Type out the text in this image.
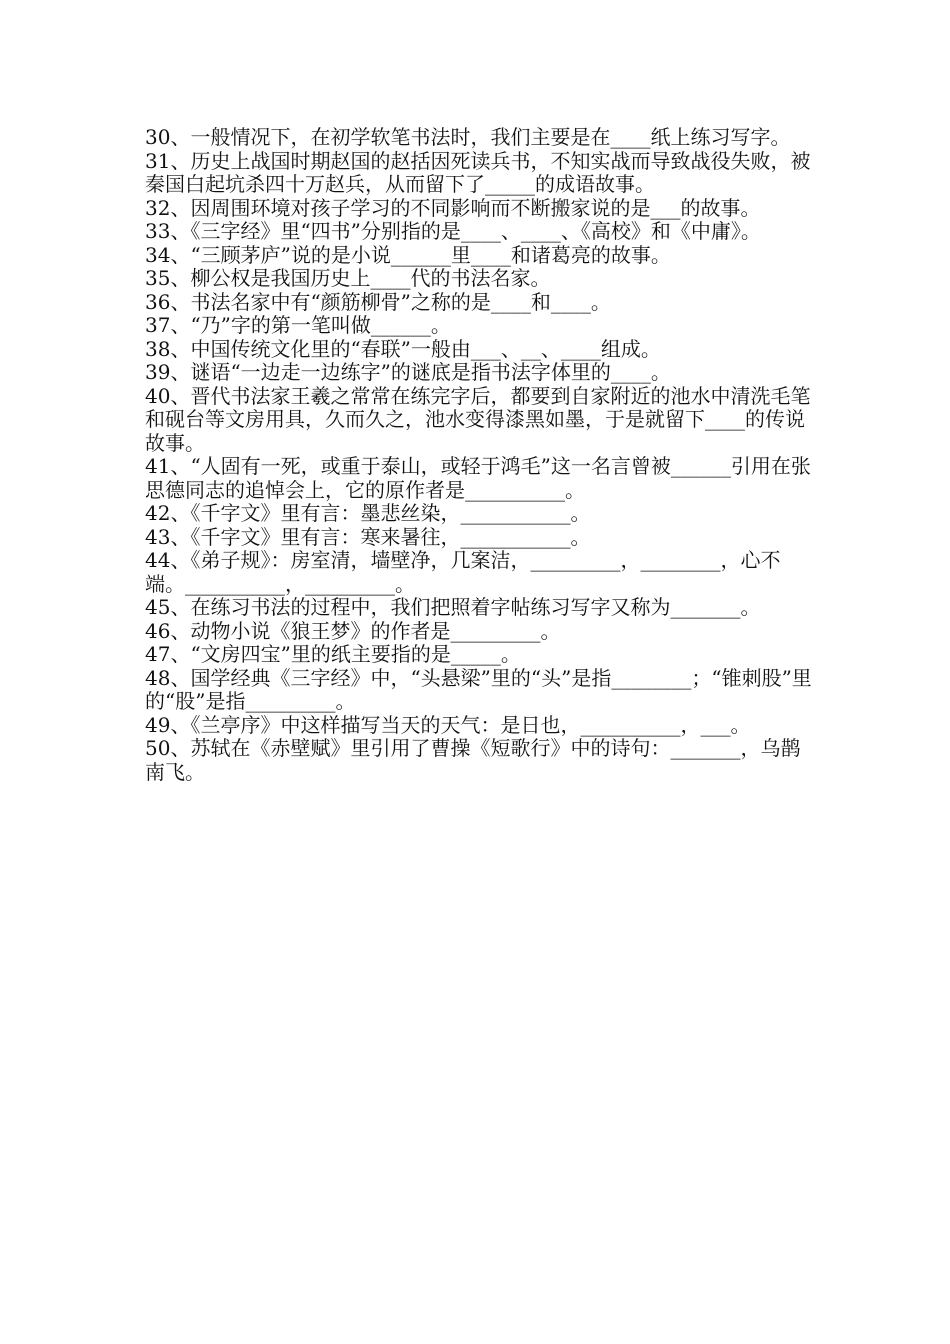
30、一般情况下，在初学软笔书法时，我们主要是在____纸上练习写字。

31、历史上战国时期赵国的赵括因死读兵书，不知实战而导致战役失败，被秦国白起坑杀四十万赵兵，从而留下了_____的成语故事。

32、因周围环境对孩子学习的不同影响而不断搬家说的是___的故事。

33、《三字经》里“四书”分别指的是____、____、《高校》和《中庸》。

34、“三顾茅庐”说的是小说______里____和诸葛亮的故事。

35、柳公权是我国历史上____代的书法名家。

36、书法名家中有“颜筋柳骨”之称的是____和____。

37、“乃”字的第一笔叫做______。

38、中国传统文化里的“春联”一般由___、__、____组成。

39、谜语“一边走一边练字”的谜底是指书法字体里的____。

40、晋代书法家王羲之常常在练完字后，都要到自家附近的池水中清洗毛笔和砚台等文房用具，久而久之，池水变得漆黑如墨，于是就留下____的传说故事。

41、“人固有一死，或重于泰山，或轻于鸿毛”这一名言曾被______引用在张思德同志的追悼会上，它的原作者是__________。

42、《千字文》里有言：墨悲丝染，___________。

43、《千字文》里有言：寒来暑往，___________。

44、《弟子规》：房室清，墙壁净，几案洁，_________，________，心不端。__________，_________。

45、在练习书法的过程中，我们把照着字帖练习写字又称为_______。

46、动物小说《狼王梦》的作者是_________。

47、“文房四宝”里的纸主要指的是_____。

48、国学经典《三字经》中，“头悬梁”里的“头”是指________；“锥刺股”里的“股”是指_________。

49、《兰亭序》中这样描写当天的天气：是日也，__________，___。

50、苏轼在《赤壁赋》里引用了曹操《短歌行》中的诗句：_______，乌鹊南飞。
